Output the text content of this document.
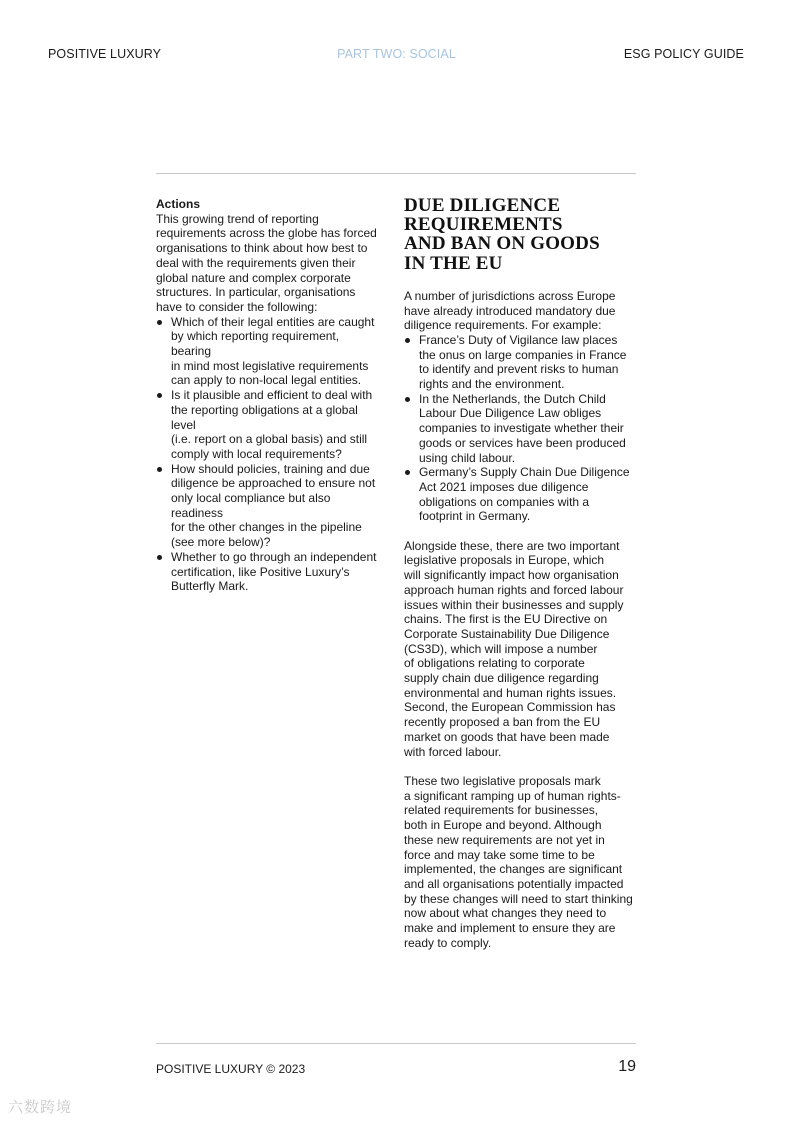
POSITIVE LUXURY	PART TWO: SOCIAL	ESG POLICY GUIDE

Actions

This growing trend of reporting
requirements across the globe has forced
organisations to think about how best to
deal with the requirements given their
global nature and complex corporate
structures. In particular, organisations
have to consider the following:

Which of their legal entities are caught
by which reporting requirement, bearing
in mind most legislative requirements
can apply to non-local legal entities.
Is it plausible and efficient to deal with
the reporting obligations at a global level
(i.e. report on a global basis) and still
comply with local requirements?
How should policies, training and due
diligence be approached to ensure not
only local compliance but also readiness
for the other changes in the pipeline
(see more below)?
Whether to go through an independent
certification, like Positive Luxury’s
Butterfly Mark.
DUE DILIGENCE
REQUIREMENTS
AND BAN ON GOODS
IN THE EU

A number of jurisdictions across Europe
have already introduced mandatory due
diligence requirements. For example:

France’s Duty of Vigilance law places
the onus on large companies in France
to identify and prevent risks to human
rights and the environment.
In the Netherlands, the Dutch Child
Labour Due Diligence Law obliges
companies to investigate whether their
goods or services have been produced
using child labour.
Germany’s Supply Chain Due Diligence
Act 2021 imposes due diligence
obligations on companies with a
footprint in Germany.

Alongside these, there are two important
legislative proposals in Europe, which
will significantly impact how organisation
approach human rights and forced labour
issues within their businesses and supply
chains. The first is the EU Directive on
Corporate Sustainability Due Diligence
(CS3D), which will impose a number
of obligations relating to corporate
supply chain due diligence regarding
environmental and human rights issues.
Second, the European Commission has
recently proposed a ban from the EU
market on goods that have been made
with forced labour.

These two legislative proposals mark
a significant ramping up of human rights-
related requirements for businesses,
both in Europe and beyond. Although
these new requirements are not yet in
force and may take some time to be
implemented, the changes are significant
and all organisations potentially impacted
by these changes will need to start thinking
now about what changes they need to
make and implement to ensure they are
ready to comply.

POSITIVE LUXURY © 2023	19
六数跨境
